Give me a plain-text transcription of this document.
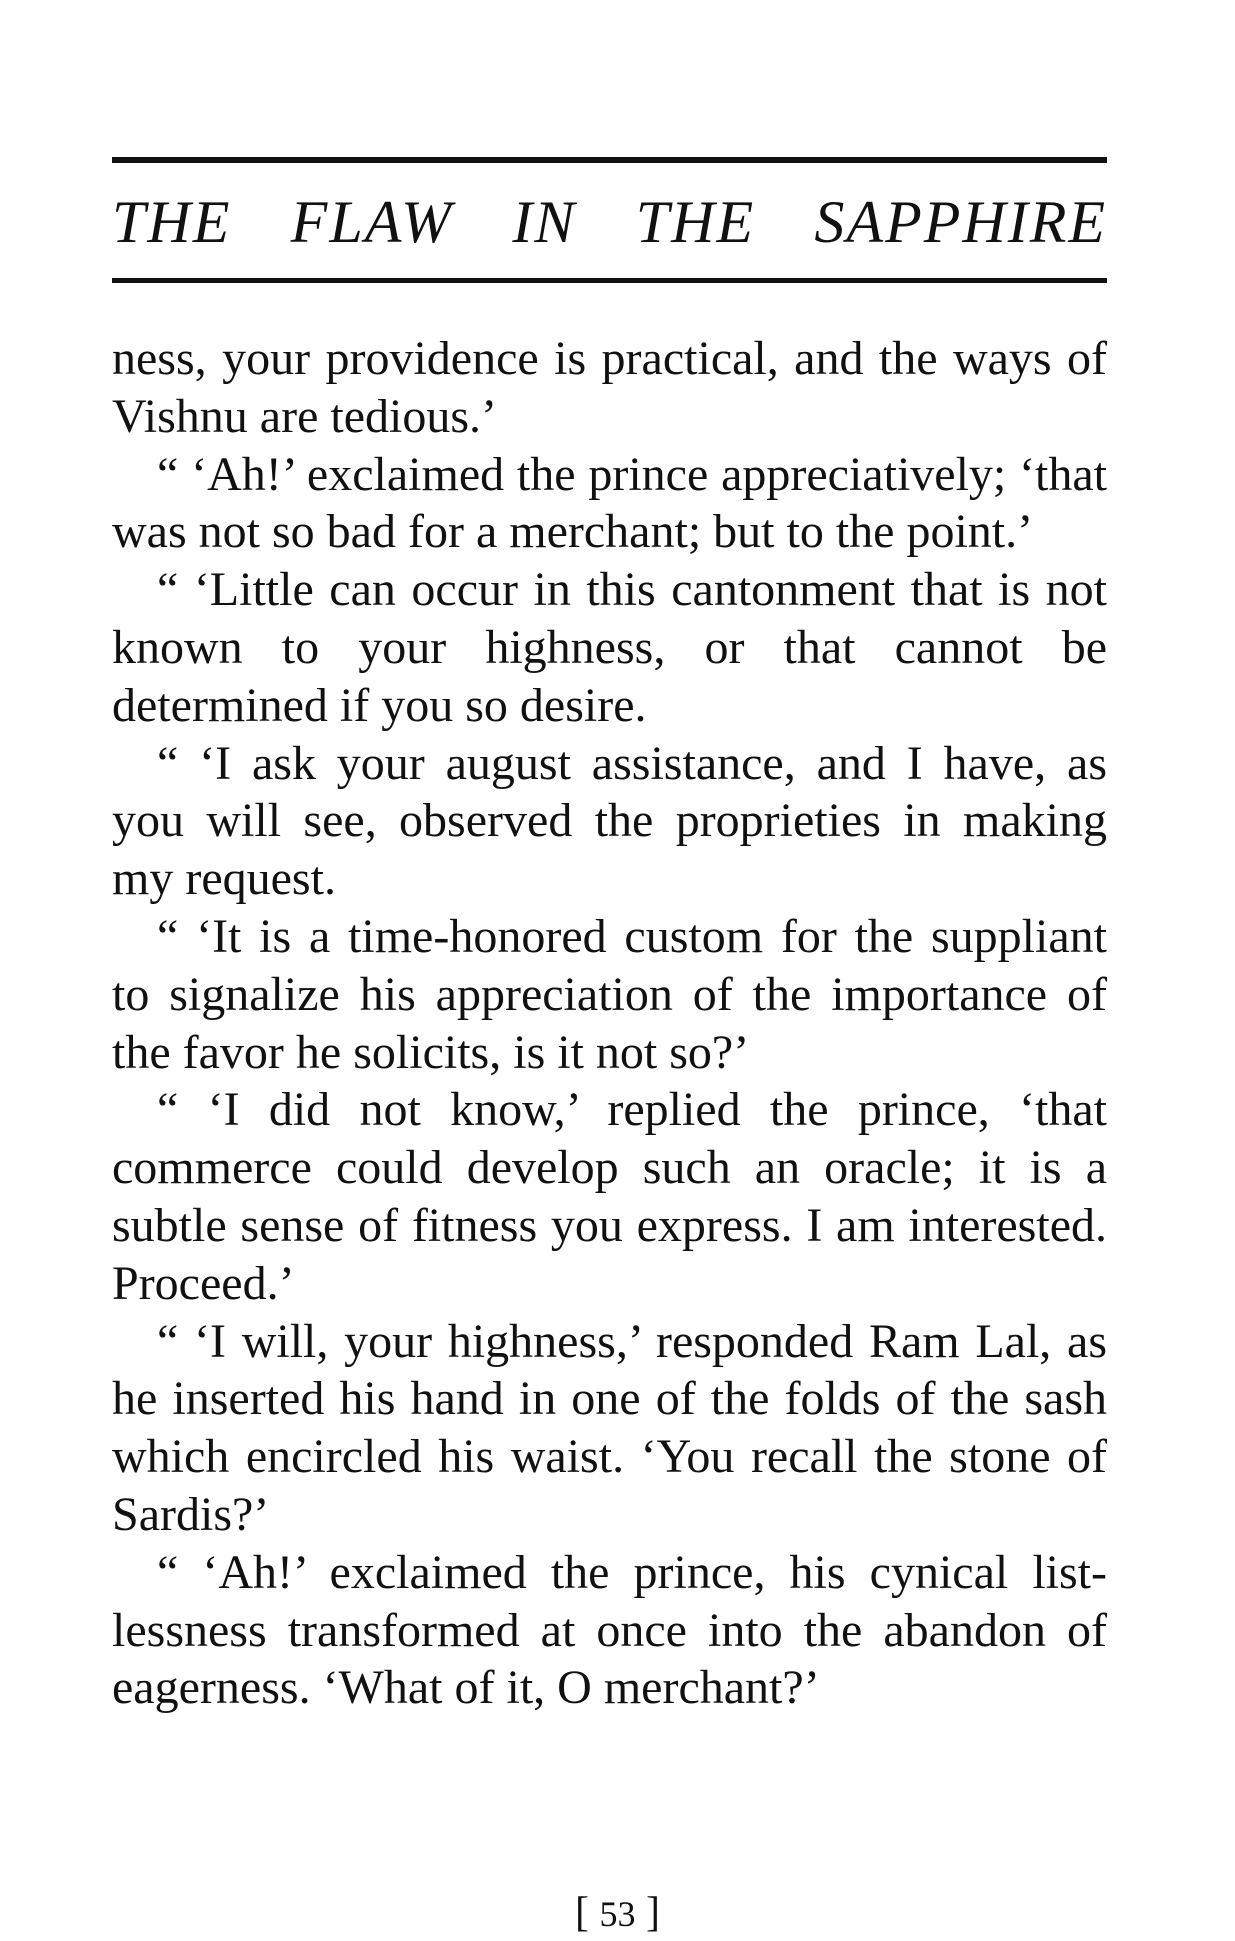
THE FLAW IN THE SAPPHIRE

ness, your providence is practical, and the ways of Vishnu are tedious.’

“ ‘Ah!’ exclaimed the prince appreciatively; ‘that was not so bad for a merchant; but to the point.’

“ ‘Little can occur in this cantonment that is not known to your highness, or that cannot be determined if you so desire.

“ ‘I ask your august assistance, and I have, as you will see, observed the proprieties in making my request.

“ ‘It is a time-honored custom for the suppliant to signalize his appreciation of the importance of the favor he solicits, is it not so?’

“ ‘I did not know,’ replied the prince, ‘that commerce could develop such an oracle; it is a subtle sense of fitness you express. I am interested. Proceed.’

“ ‘I will, your highness,’ responded Ram Lal, as he inserted his hand in one of the folds of the sash which encircled his waist. ‘You recall the stone of Sardis?’

“ ‘Ah!’ exclaimed the prince, his cynical listlessness transformed at once into the abandon of eagerness. ‘What of it, O merchant?’

[ 53 ]
